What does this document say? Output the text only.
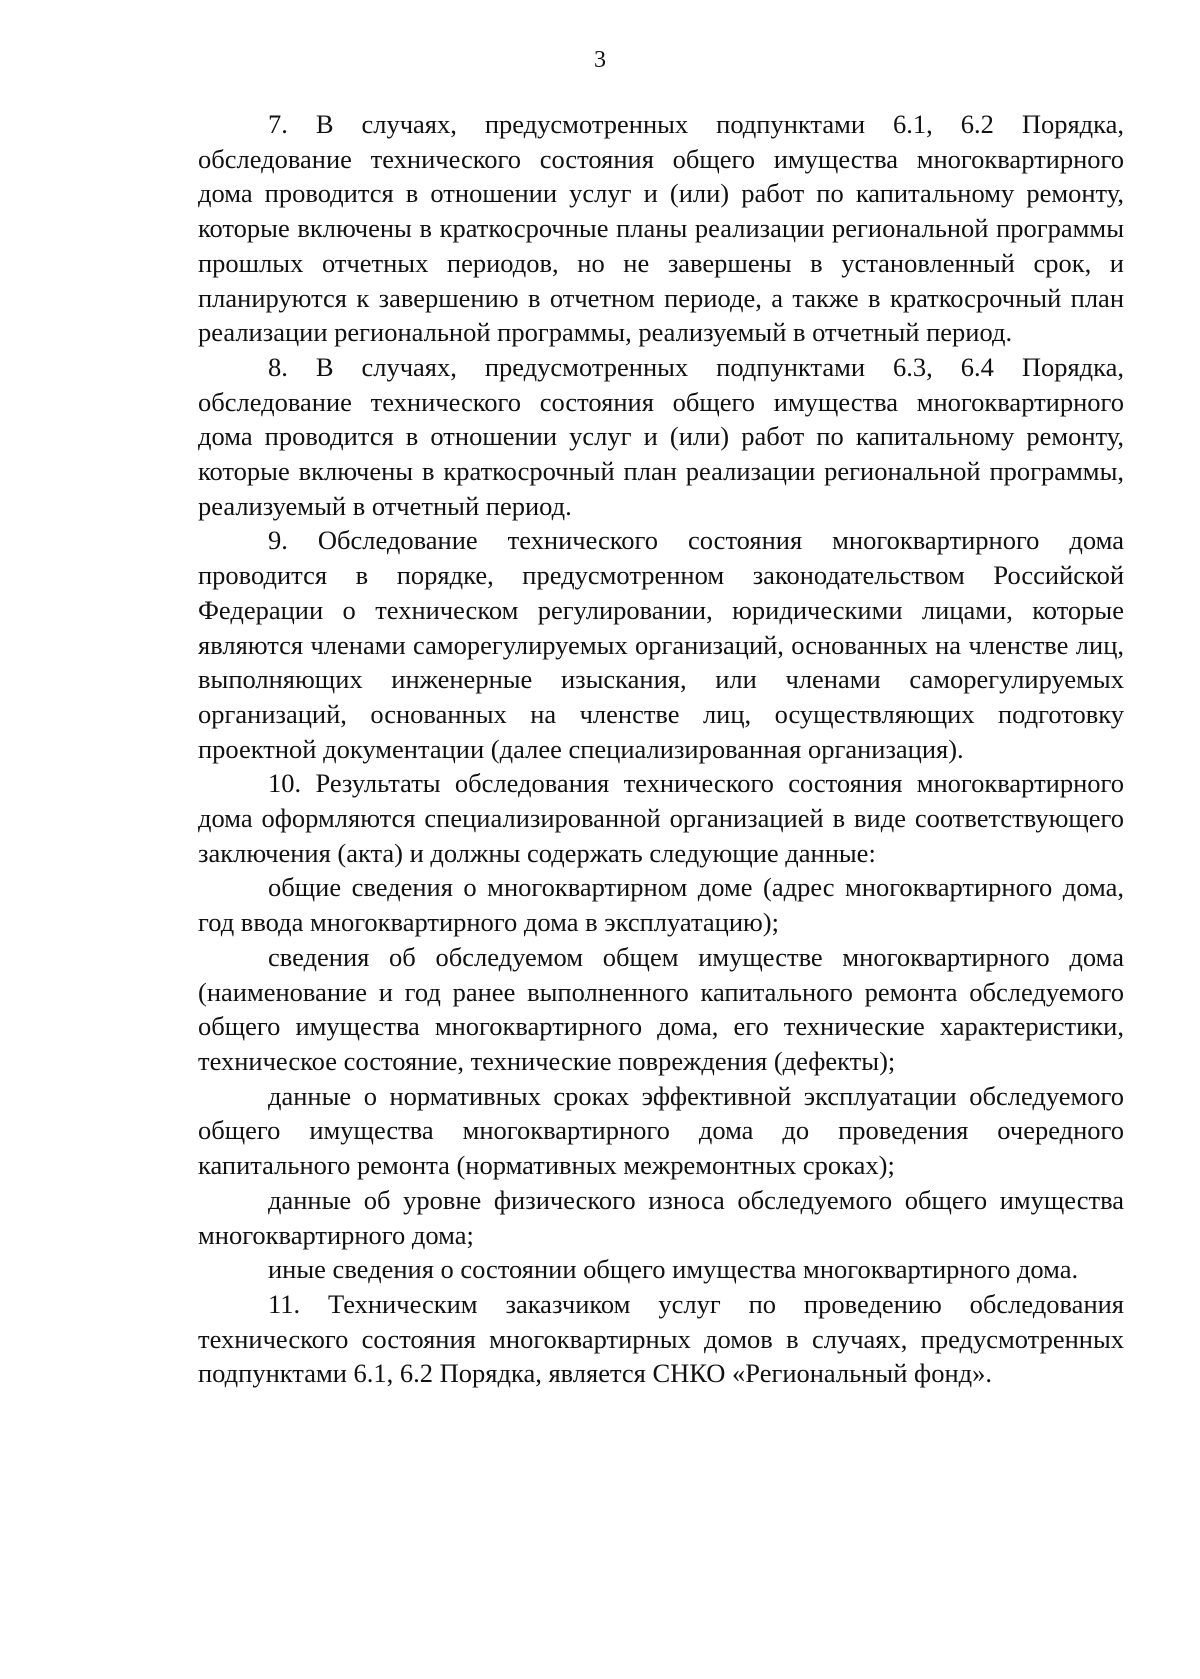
3

7. В случаях, предусмотренных подпунктами 6.1, 6.2 Порядка, обследование технического состояния общего имущества многоквартирного дома проводится в отношении услуг и (или) работ по капитальному ремонту, которые включены в краткосрочные планы реализации региональной программы прошлых отчетных периодов, но не завершены в установленный срок, и планируются к завершению в отчетном периоде, а также в краткосрочный план реализации региональной программы, реализуемый в отчетный период.

8. В случаях, предусмотренных подпунктами 6.3, 6.4 Порядка, обследование технического состояния общего имущества многоквартирного дома проводится в отношении услуг и (или) работ по капитальному ремонту, которые включены в краткосрочный план реализации региональной программы, реализуемый в отчетный период.

9. Обследование технического состояния многоквартирного дома проводится в порядке, предусмотренном законодательством Российской Федерации о техническом регулировании, юридическими лицами, которые являются членами саморегулируемых организаций, основанных на членстве лиц, выполняющих инженерные изыскания, или членами саморегулируемых организаций, основанных на членстве лиц, осуществляющих подготовку проектной документации (далее специализированная организация).

10. Результаты обследования технического состояния многоквартирного дома оформляются специализированной организацией в виде соответствующего заключения (акта) и должны содержать следующие данные:

общие сведения о многоквартирном доме (адрес многоквартирного дома, год ввода многоквартирного дома в эксплуатацию);

сведения об обследуемом общем имуществе многоквартирного дома (наименование и год ранее выполненного капитального ремонта обследуемого общего имущества многоквартирного дома, его технические характеристики, техническое состояние, технические повреждения (дефекты);

данные о нормативных сроках эффективной эксплуатации обследуемого общего имущества многоквартирного дома до проведения очередного капитального ремонта (нормативных межремонтных сроках);

данные об уровне физического износа обследуемого общего имущества многоквартирного дома;

иные сведения о состоянии общего имущества многоквартирного дома.

11. Техническим заказчиком услуг по проведению обследования технического состояния многоквартирных домов в случаях, предусмотренных подпунктами 6.1, 6.2 Порядка, является СНКО «Региональный фонд».
